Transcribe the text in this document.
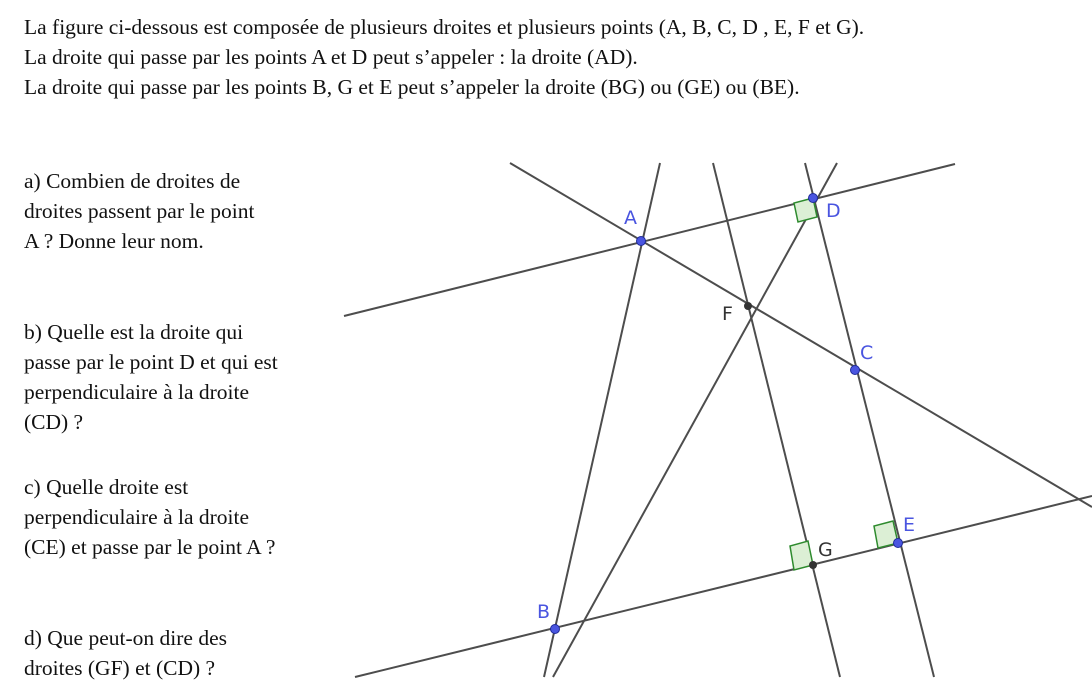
La figure ci-dessous est composée de plusieurs droites et plusieurs points (A, B, C, D , E, F et G).

La droite qui passe par les points A et D peut s’appeler : la droite (AD).

La droite qui passe par les points B, G et E peut s’appeler la droite (BG) ou (GE) ou (BE).

a) Combien de droites de
droites passent par le point
A ? Donne leur nom.

b) Quelle est la droite qui
passe par le point D et qui est
perpendiculaire à la droite
(CD) ?

c) Quelle droite est
perpendiculaire à la droite
(CE) et passe par le point A ?

d) Que peut-on dire des
droites (GF) et (CD) ?

A
B
C
D
E
F
G
